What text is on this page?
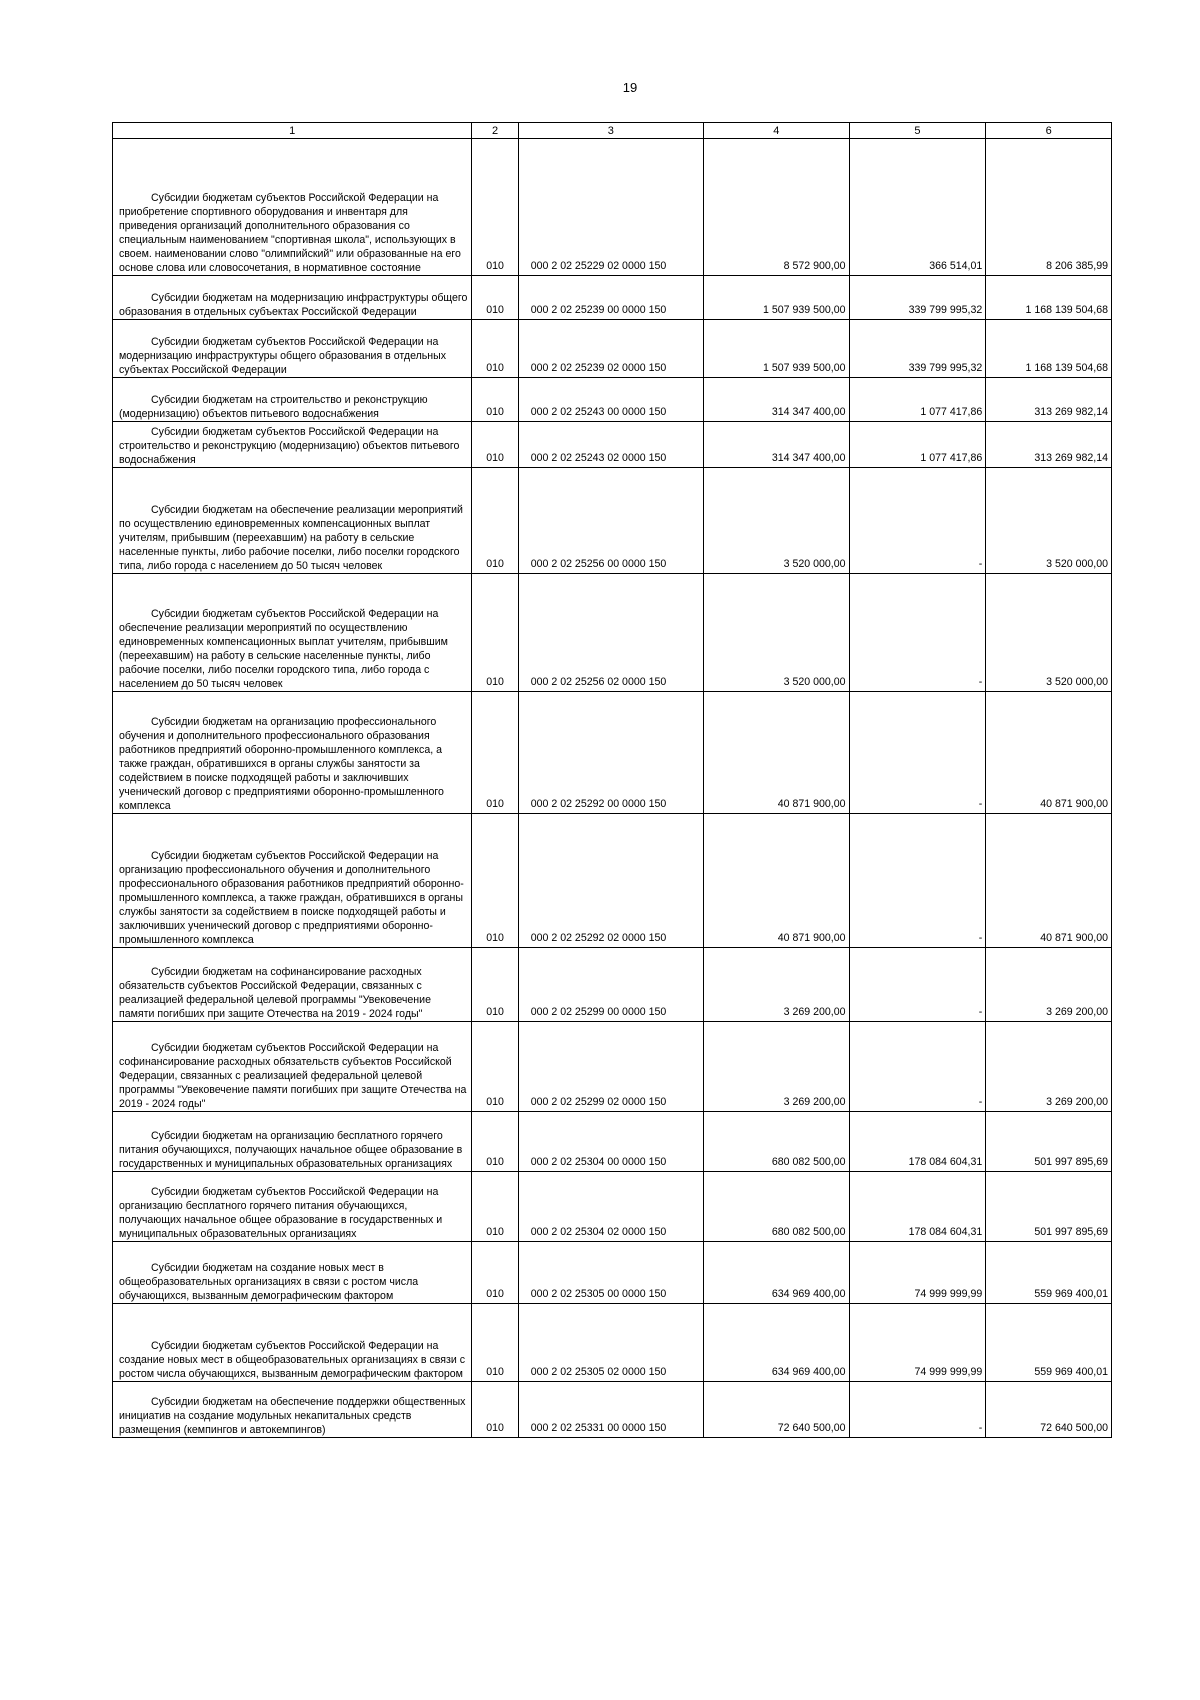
19
1	2	3	4	5	6

Субсидии бюджетам субъектов Российской Федерации на приобретение спортивного оборудования и инвентаря для приведения организаций дополнительного образования со специальным наименованием "спортивная школа", использующих в своем. наименовании слово "олимпийский" или образованные на его основе слова или словосочетания, в нормативное состояние	010	000 2 02 25229 02 0000 150	8 572 900,00	366 514,01	8 206 385,99

Субсидии бюджетам на модернизацию инфраструктуры общего образования в отдельных субъектах Российской Федерации	010	000 2 02 25239 00 0000 150	1 507 939 500,00	339 799 995,32	1 168 139 504,68

Субсидии бюджетам субъектов Российской Федерации на модернизацию инфраструктуры общего образования в отдельных субъектах Российской Федерации	010	000 2 02 25239 02 0000 150	1 507 939 500,00	339 799 995,32	1 168 139 504,68

Субсидии бюджетам на строительство и реконструкцию (модернизацию) объектов питьевого водоснабжения	010	000 2 02 25243 00 0000 150	314 347 400,00	1 077 417,86	313 269 982,14

Субсидии бюджетам субъектов Российской Федерации на строительство и реконструкцию (модернизацию) объектов питьевого водоснабжения	010	000 2 02 25243 02 0000 150	314 347 400,00	1 077 417,86	313 269 982,14

Субсидии бюджетам на обеспечение реализации мероприятий по осуществлению единовременных компенсационных выплат учителям, прибывшим (переехавшим) на работу в сельские населенные пункты, либо рабочие поселки, либо поселки городского типа, либо города с населением до 50 тысяч человек	010	000 2 02 25256 00 0000 150	3 520 000,00	-	3 520 000,00

Субсидии бюджетам субъектов Российской Федерации на обеспечение реализации мероприятий по осуществлению единовременных компенсационных выплат учителям, прибывшим (переехавшим) на работу в сельские населенные пункты, либо рабочие поселки, либо поселки городского типа, либо города с населением до 50 тысяч человек	010	000 2 02 25256 02 0000 150	3 520 000,00	-	3 520 000,00

Субсидии бюджетам на организацию профессионального обучения и дополнительного профессионального образования работников предприятий оборонно-промышленного комплекса, а также граждан, обратившихся в органы службы занятости за содействием в поиске подходящей работы и заключивших ученический договор с предприятиями оборонно-промышленного комплекса	010	000 2 02 25292 00 0000 150	40 871 900,00	-	40 871 900,00

Субсидии бюджетам субъектов Российской Федерации на организацию профессионального обучения и дополнительного профессионального образования работников предприятий оборонно-промышленного комплекса, а также граждан, обратившихся в органы службы занятости за содействием в поиске подходящей работы и заключивших ученический договор с предприятиями оборонно-промышленного комплекса	010	000 2 02 25292 02 0000 150	40 871 900,00	-	40 871 900,00

Субсидии бюджетам на софинансирование расходных обязательств субъектов Российской Федерации, связанных с реализацией федеральной целевой программы "Увековечение памяти погибших при защите Отечества на 2019 - 2024 годы"	010	000 2 02 25299 00 0000 150	3 269 200,00	-	3 269 200,00

Субсидии бюджетам субъектов Российской Федерации на софинансирование расходных обязательств субъектов Российской Федерации, связанных с реализацией федеральной целевой программы "Увековечение памяти погибших при защите Отечества на 2019 - 2024 годы"	010	000 2 02 25299 02 0000 150	3 269 200,00	-	3 269 200,00

Субсидии бюджетам на организацию бесплатного горячего питания обучающихся, получающих начальное общее образование в государственных и муниципальных образовательных организациях	010	000 2 02 25304 00 0000 150	680 082 500,00	178 084 604,31	501 997 895,69

Субсидии бюджетам субъектов Российской Федерации на организацию бесплатного горячего питания обучающихся, получающих начальное общее образование в государственных и муниципальных образовательных организациях	010	000 2 02 25304 02 0000 150	680 082 500,00	178 084 604,31	501 997 895,69

Субсидии бюджетам на создание новых мест в общеобразовательных организациях в связи с ростом числа обучающихся, вызванным демографическим фактором	010	000 2 02 25305 00 0000 150	634 969 400,00	74 999 999,99	559 969 400,01

Субсидии бюджетам субъектов Российской Федерации на создание новых мест в общеобразовательных организациях в связи с ростом числа обучающихся, вызванным демографическим фактором	010	000 2 02 25305 02 0000 150	634 969 400,00	74 999 999,99	559 969 400,01

Субсидии бюджетам на обеспечение поддержки общественных инициатив на создание модульных некапитальных средств размещения (кемпингов и автокемпингов)	010	000 2 02 25331 00 0000 150	72 640 500,00	-	72 640 500,00
